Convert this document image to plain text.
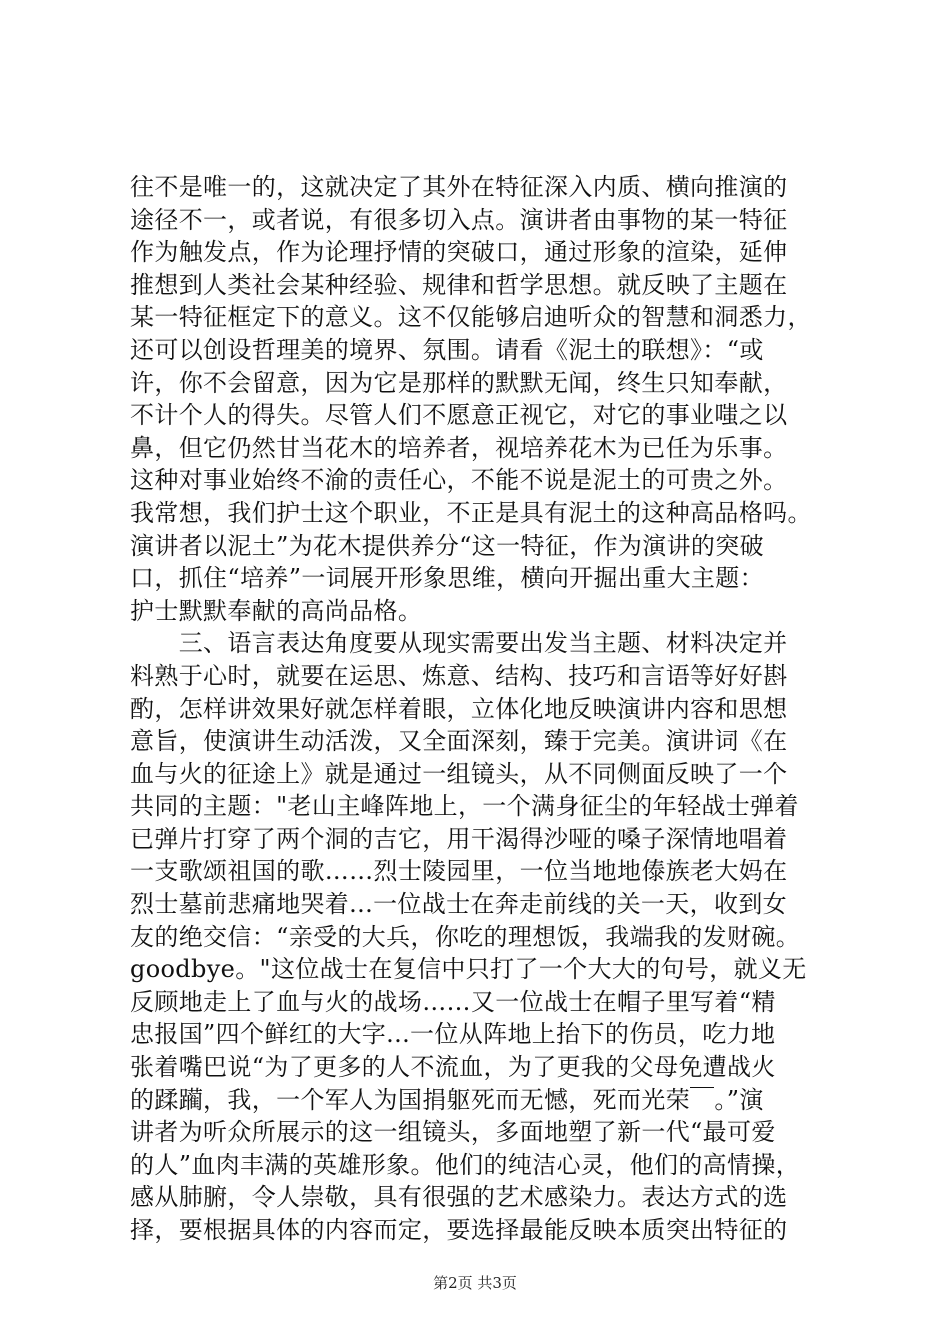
往不是唯一的，这就决定了其外在特征深入内质、横向推演的
途径不一，或者说，有很多切入点。演讲者由事物的某一特征
作为触发点，作为论理抒情的突破口，通过形象的渲染，延伸
推想到人类社会某种经验、规律和哲学思想。就反映了主题在
某一特征框定下的意义。这不仅能够启迪听众的智慧和洞悉力，
还可以创设哲理美的境界、氛围。请看《泥土的联想》：“或
许，你不会留意，因为它是那样的默默无闻，终生只知奉献，
不计个人的得失。尽管人们不愿意正视它，对它的事业嗤之以
鼻，但它仍然甘当花木的培养者，视培养花木为已任为乐事。
这种对事业始终不渝的责任心，不能不说是泥土的可贵之外。
我常想，我们护士这个职业，不正是具有泥土的这种高品格吗。
演讲者以泥土”为花木提供养分“这一特征，作为演讲的突破
口，抓住“培养”一词展开形象思维，横向开掘出重大主题：
护士默默奉献的高尚品格。
　　三、语言表达角度要从现实需要出发当主题、材料决定并
料熟于心时，就要在运思、炼意、结构、技巧和言语等好好斟
酌，怎样讲效果好就怎样着眼，立体化地反映演讲内容和思想
意旨，使演讲生动活泼，又全面深刻，臻于完美。演讲词《在
血与火的征途上》就是通过一组镜头，从不同侧面反映了一个
共同的主题："老山主峰阵地上，一个满身征尘的年轻战士弹着
已弹片打穿了两个洞的吉它，用干渴得沙哑的嗓子深情地唱着
一支歌颂祖国的歌……烈士陵园里，一位当地地傣族老大妈在
烈士墓前悲痛地哭着...一位战士在奔走前线的关一天，收到女
友的绝交信：“亲受的大兵，你吃的理想饭，我端我的发财碗。
goodbye。"这位战士在复信中只打了一个大大的句号，就义无
反顾地走上了血与火的战场……又一位战士在帽子里写着“精
忠报国”四个鲜红的大字...一位从阵地上抬下的伤员，吃力地
张着嘴巴说“为了更多的人不流血，为了更我的父母免遭战火
的蹂躏，我，一个军人为国捐躯死而无憾，死而光荣￣。”演
讲者为听众所展示的这一组镜头，多面地塑了新一代“最可爱
的人”血肉丰满的英雄形象。他们的纯洁心灵，他们的高情操，
感从肺腑，令人崇敬，具有很强的艺术感染力。表达方式的选
择，要根据具体的内容而定，要选择最能反映本质突出特征的
第2页 共3页
